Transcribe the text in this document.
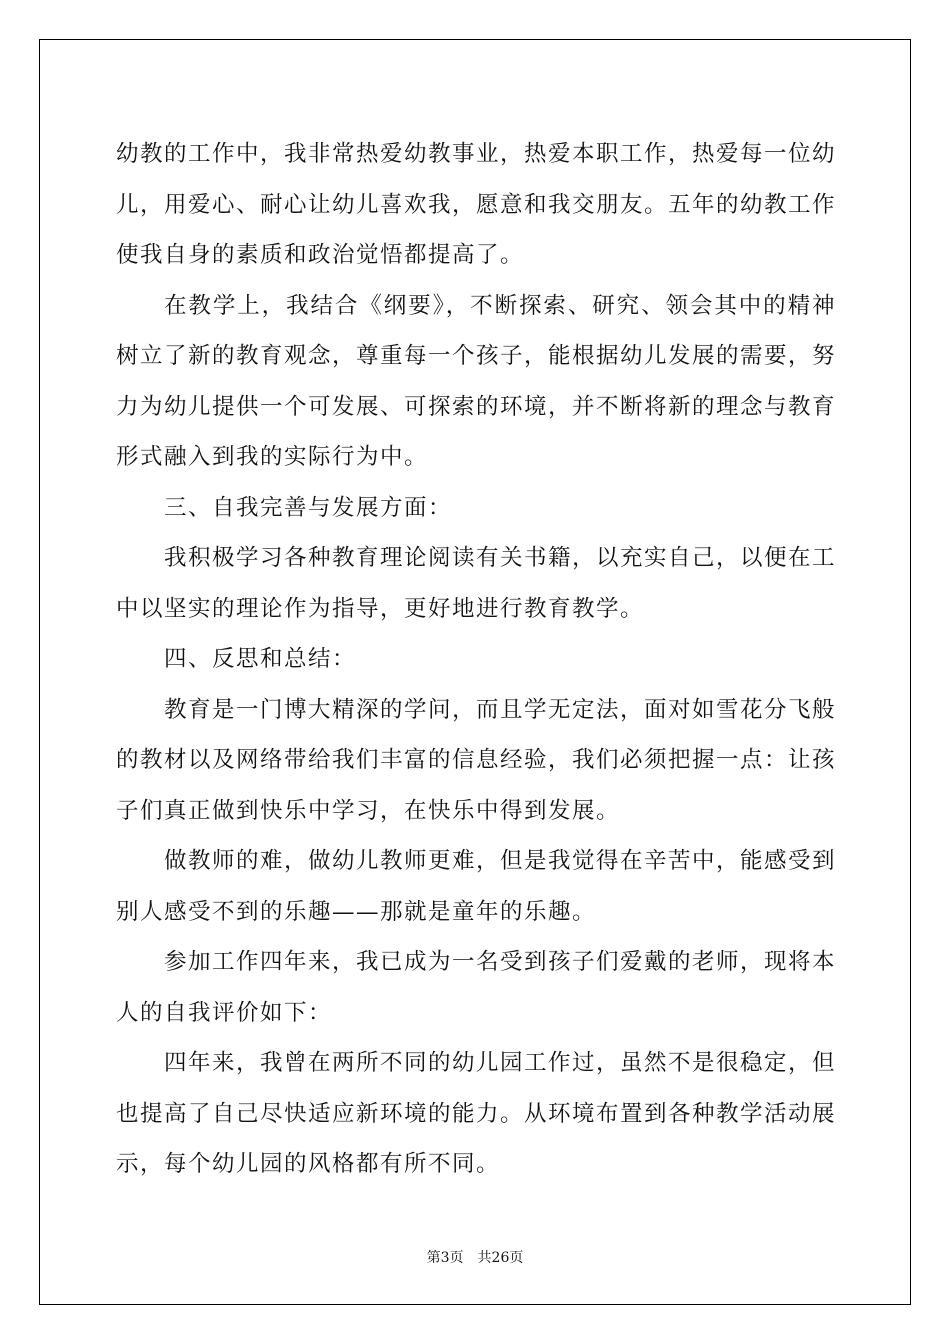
幼教的工作中，我非常热爱幼教事业，热爱本职工作，热爱每一位幼儿，用爱心、耐心让幼儿喜欢我，愿意和我交朋友。五年的幼教工作使我自身的素质和政治觉悟都提高了。

在教学上，我结合《纲要》，不断探索、研究、领会其中的精神树立了新的教育观念，尊重每一个孩子，能根据幼儿发展的需要，努力为幼儿提供一个可发展、可探索的环境，并不断将新的理念与教育形式融入到我的实际行为中。

三、自我完善与发展方面：

我积极学习各种教育理论阅读有关书籍，以充实自己，以便在工中以坚实的理论作为指导，更好地进行教育教学。

四、反思和总结：

教育是一门博大精深的学问，而且学无定法，面对如雪花分飞般的教材以及网络带给我们丰富的信息经验，我们必须把握一点：让孩子们真正做到快乐中学习，在快乐中得到发展。

做教师的难，做幼儿教师更难，但是我觉得在辛苦中，能感受到别人感受不到的乐趣——那就是童年的乐趣。

参加工作四年来，我已成为一名受到孩子们爱戴的老师，现将本人的自我评价如下：

四年来，我曾在两所不同的幼儿园工作过，虽然不是很稳定，但也提高了自己尽快适应新环境的能力。从环境布置到各种教学活动展示，每个幼儿园的风格都有所不同。

第3页 共26页
